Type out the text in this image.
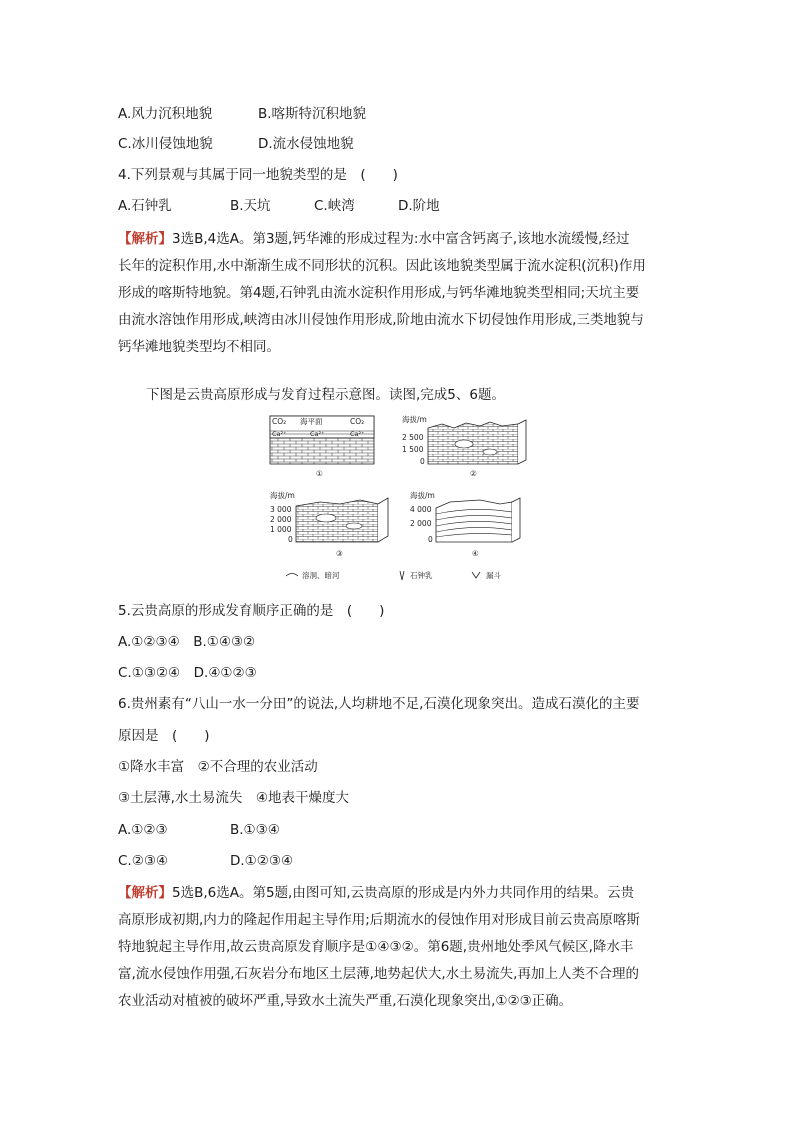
A.风力沉积地貌	B.喀斯特沉积地貌
C.冰川侵蚀地貌	D.流水侵蚀地貌
4.下列景观与其属于同一地貌类型的是　(　　)
A.石钟乳	B.天坑	C.峡湾	D.阶地
【解析】3选B,4选A。第3题,钙华滩的形成过程为:水中富含钙离子,该地水流缓慢,经过
长年的淀积作用,水中渐渐生成不同形状的沉积。因此该地貌类型属于流水淀积(沉积)作用
形成的喀斯特地貌。第4题,石钟乳由流水淀积作用形成,与钙华滩地貌类型相同;天坑主要
由流水溶蚀作用形成,峡湾由冰川侵蚀作用形成,阶地由流水下切侵蚀作用形成,三类地貌与
钙华滩地貌类型均不相同。
下图是云贵高原形成与发育过程示意图。读图,完成5、6题。
CO₂ 海平面	CO₂
Ca²⁺	Ca²⁺	Ca²⁺
①
海拔/m
2 500
1 500
0
②
海拔/m
3 000
2 000
1 000
0
③
海拔/m
4 000
2 000
0
④
溶洞、暗河	石钟乳	漏斗
5.云贵高原的形成发育顺序正确的是　(　　)
A.①②③④　B.①④③②
C.①③②④　D.④①②③
6.贵州素有“八山一水一分田”的说法,人均耕地不足,石漠化现象突出。造成石漠化的主要
原因是　(　　)
①降水丰富　②不合理的农业活动
③土层薄,水土易流失　④地表干燥度大
A.①②③	B.①③④
C.②③④	D.①②③④
【解析】5选B,6选A。第5题,由图可知,云贵高原的形成是内外力共同作用的结果。云贵
高原形成初期,内力的隆起作用起主导作用;后期流水的侵蚀作用对形成目前云贵高原喀斯
特地貌起主导作用,故云贵高原发育顺序是①④③②。第6题,贵州地处季风气候区,降水丰
富,流水侵蚀作用强,石灰岩分布地区土层薄,地势起伏大,水土易流失,再加上人类不合理的
农业活动对植被的破坏严重,导致水土流失严重,石漠化现象突出,①②③正确。
